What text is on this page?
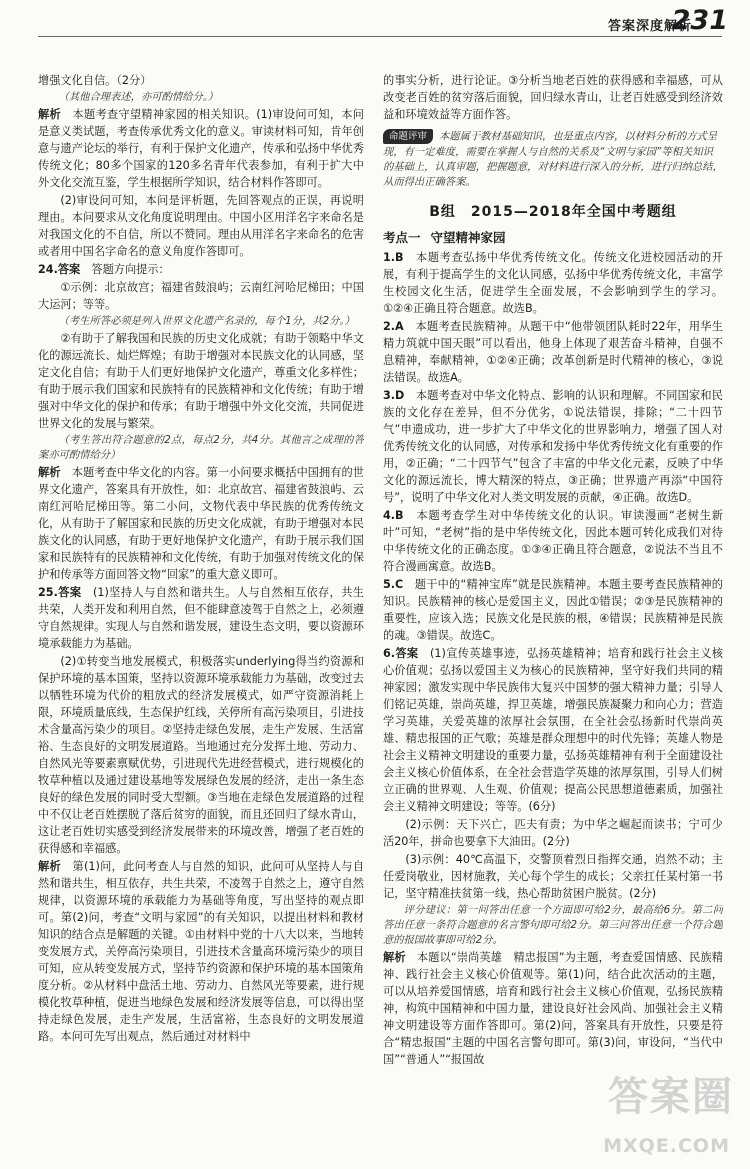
答案深度解析
231

增强文化自信。（2分）

（其他合理表述，亦可酌情给分。）

解析　 本题考查守望精神家园的相关知识。(1)审设问可知，本问是意义类试题，考查传承优秀文化的意义。审读材料可知，肯年创意与遗产论坛的举行，有利于保护文化遗产，传承和弘扬中华优秀传统文化；80多个国家的120多名青年代表参加，有利于扩大中外文化交流互鉴，学生根据所学知识，结合材料作答即可。

(2)审设问可知，本问是评析题，先回答观点的正误，再说明理由。本问要求从文化角度说明理由。中国小区用洋名字来命名是对我国文化的不自信，所以不赞同。理由从用洋名字来命名的危害或者用中国名字命名的意义角度作答即可。

24.答案　 答题方向提示：

①示例：北京故宫；福建省鼓浪屿；云南红河哈尼梯田；中国大运河；等等。

（考生所答必须是列入世界文化遗产名录的，每个1分，共2分。）

②有助于了解我国和民族的历史文化成就；有助于领略中华文化的源远流长、灿烂辉煌；有助于增强对本民族文化的认同感，坚定文化自信；有助于人们更好地保护文化遗产，尊重文化多样性；有助于展示我们国家和民族特有的民族精神和文化传统；有助于增强对中华文化的保护和传承；有助于增强中外文化交流，共同促进世界文化的发展与繁荣。

（考生答出符合题意的2点，每点2分，共4分。其他言之成理的答案亦可酌情给分）

解析　 本题考查中华文化的内容。第一小问要求概括中国拥有的世界文化遗产，答案具有开放性，如：北京故宫、福建省鼓浪屿、云南红河哈尼梯田等。第二小问，文物代表中华民族的优秀传统文化，从有助于了解国家和民族的历史文化成就，有助于增强对本民族文化的认同感，有助于更好地保护文化遗产，有助于展示我们国家和民族特有的民族精神和文化传统，有助于加强对传统文化的保护和传承等方面回答文物“回家”的重大意义即可。

25.答案　 (1)坚持人与自然和谐共生。人与自然相互依存，共生共荣，人类开发和利用自然，但不能肆意凌驾于自然之上，必须遵守自然规律。实现人与自然和谐发展，建设生态文明，要以资源环境承载能力为基础。

(2)①转变当地发展模式，积极落实underlying得当约资源和保护环境的基本国策，坚持以资源环境承载能力为基础，改变过去以牺牲环境为代价的粗放式的经济发展模式，如严守资源消耗上限，环境质量底线，生态保护红线，关停所有高污染项目，引进技术含量高污染少的项目。②坚持走绿色发展，走生产发展、生活富裕、生态良好的文明发展道路。当地通过充分发挥土地、劳动力、自然风光等要素禀赋优势，引进现代先进经营模式，进行规模化的牧草种植以及通过建设基地等发展绿色发展的经济，走出一条生态良好的绿色发展的同时受大型额。③当地在走绿色发展道路的过程中不仅让老百姓摆脱了落后贫穷的面貌，而且还回归了绿水青山，这让老百姓切实感受到经济发展带来的环境改善，增强了老百姓的获得感和幸福感。

解析　 第(1)问，此问考查人与自然的知识，此问可从坚持人与自然和谐共生，相互依存，共生共荣，不凌驾于自然之上，遵守自然规律，以资源环境的承载能力为基础等角度，写出坚持的观点即可。第(2)问，考查“文明与家园”的有关知识，以提出材料和教材知识的结合点是解题的关键。①由材料中党的十八大以来，当地转变发展方式，关停高污染项目，引进技术含量高环境污染少的项目可知，应从转变发展方式，坚持节约资源和保护环境的基本国策角度分析。②从材料中盘活土地、劳动力、自然风光等要素，进行规模化牧草种植，促进当地绿色发展和经济发展等信息，可以得出坚持走绿色发展，走生产发展，生活富裕，生态良好的文明发展道路。本问可先写出观点，然后通过对材料中

的事实分析，进行论证。③分析当地老百姓的获得感和幸福感，可从改变老百姓的贫穷落后面貌，回归绿水青山，让老百姓感受到经济效益和环境效益等方面作答。

命题评审 本题属于教材基础知识，也是重点内容，以材料分析的方式呈现，有一定难度，需要在掌握人与自然的关系及“文明与家园”等相关知识的基础上，认真审题，把握题意，对材料进行深入的分析，进行归纳总结，从而得出正确答案。
B组　2015—2018年全国中考题组
考点一 守望精神家园

1.B　 本题考查弘扬中华优秀传统文化。传统文化进校园活动的开展，有利于提高学生的文化认同感，弘扬中华优秀传统文化，丰富学生校园文化生活，促进学生全面发展，不会影响到学生的学习。①②④正确且符合题意。故选B。

2.A　 本题考查民族精神。从题干中“他带领团队耗时22年，用华生精力筑就中国天眼”可以看出，他身上体现了艰苦奋斗精神，自强不息精神，奉献精神，①②④正确；改革创新是时代精神的核心，③说法错误。故选A。

3.D　 本题考查对中华文化特点、影响的认识和理解。不同国家和民族的文化存在差异，但不分优劣，①说法错误，排除；“二十四节气”申遗成功，进一步扩大了中华文化的世界影响力，增强了国人对优秀传统文化的认同感，对传承和发扬中华优秀传统文化有重要的作用，②正确；“二十四节气”包含了丰富的中华文化元素，反映了中华文化的源远流长，博大精深的特点，③正确；世界遗产再添“中国符号”，说明了中华文化对人类文明发展的贡献，④正确。故选D。

4.B　 本题考查学生对中华传统文化的认识。审读漫画“老树生新叶”可知，“老树”指的是中华传统文化，因此本题可转化成我们对待中华传统文化的正确态度。①③④正确且符合题意，②说法不当且不符合漫画寓意。故选B。

5.C　 题干中的“精神宝库”就是民族精神。本题主要考查民族精神的知识。民族精神的核心是爱国主义，因此①错误；②③是民族精神的重要性，应该入选；民族文化是民族的根，④错误；民族精神是民族的魂。③错误。故选C。

6.答案　 (1)宣传英雄事迹，弘扬英雄精神；培育和践行社会主义核心价值观；弘扬以爱国主义为核心的民族精神，坚守好我们共同的精神家园；激发实现中华民族伟大复兴中国梦的强大精神力量；引导人们铭记英雄，崇尚英雄，捍卫英雄，增强民族凝聚力和向心力；营造学习英雄，关爱英雄的浓厚社会氛围，在全社会弘扬新时代崇尚英雄、精忠报国的正气歌；英雄是群众理想中的时代先锋；英雄人物是社会主义精神文明建设的重要力量，弘扬英雄精神有利于全面建设社会主义核心价值体系，在全社会营造学英雄的浓厚氛围，引导人们树立正确的世界观、人生观、价值观；提高公民思想道德素质，加强社会主义精神文明建设；等等。(6分)

(2)示例：天下兴亡，匹夫有责；为中华之崛起而读书；宁可少活20年，拼命也要拿下大油田。(2分)

(3)示例：40℃高温下，交警顶着烈日指挥交通，岿然不动；主任爱岗敬业，因材施教，关心每个学生的成长；父亲扛任某村第一书记，坚守精准扶贫第一线，热心帮助贫困户脱贫。(2分)

评分建议：第一问答出任意一个方面即可给2分，最高给6分。第二问答出任意一条符合题意的名言警句即可给2分。第三问答出任意一个符合题意的报国故事即可给2分。

解析　 本题以“崇尚英雄　精忠报国”为主题，考查爱国情感、民族精神、践行社会主义核心价值观等。第(1)问，结合此次活动的主题，可以从培养爱国情感，培育和践行社会主义核心价值观，弘扬民族精神，构筑中国精神和中国力量，建设良好社会风尚、加强社会主义精神文明建设等方面作答即可。第(2)问，答案具有开放性，只要是符合“精忠报国”主题的中国名言警句即可。第(3)问，审设问，“当代中国”“普通人”“报国故

答案圈
MXQE.COM
